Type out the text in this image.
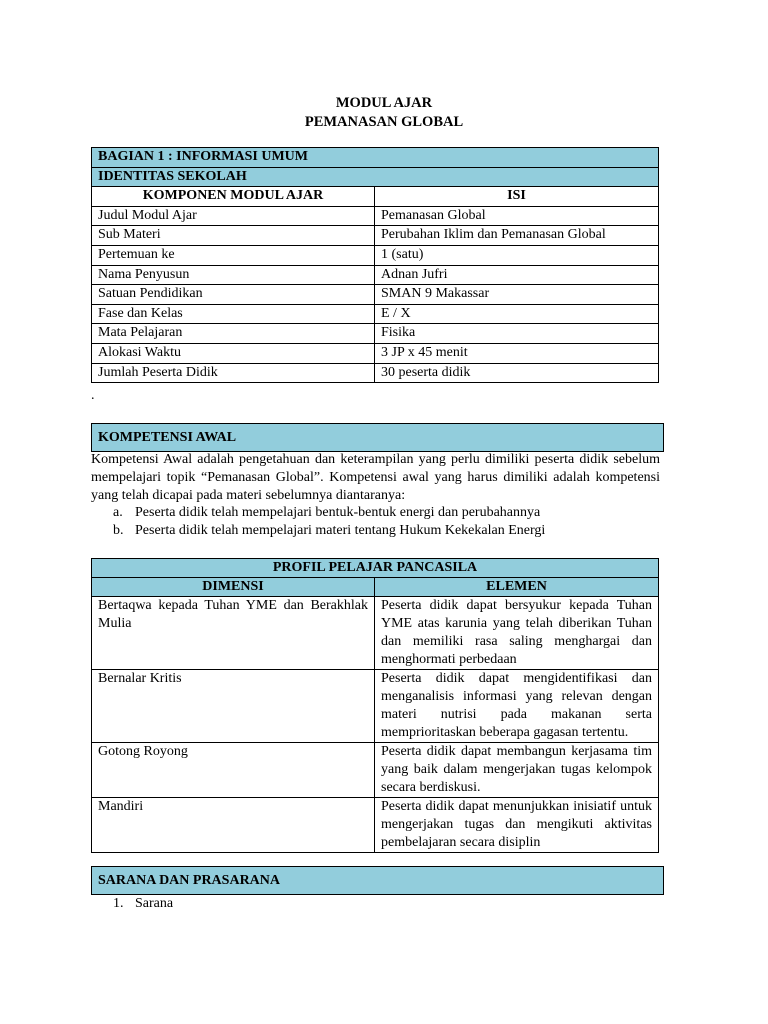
MODUL AJAR
PEMANASAN GLOBAL
BAGIAN 1 : INFORMASI UMUM	
IDENTITAS SEKOLAH	
KOMPONEN MODUL AJAR	ISI
Judul Modul Ajar	Pemanasan Global
Sub Materi	Perubahan Iklim dan Pemanasan Global
Pertemuan ke	1 (satu)
Nama Penyusun	Adnan Jufri
Satuan Pendidikan	SMAN 9 Makassar
Fase dan Kelas	E / X
Mata Pelajaran	Fisika
Alokasi Waktu	3 JP x 45 menit
Jumlah Peserta Didik	30 peserta didik
.
KOMPETENSI AWAL
Kompetensi Awal adalah pengetahuan dan keterampilan yang perlu dimiliki peserta didik sebelum mempelajari topik “Pemanasan Global”. Kompetensi awal yang harus dimiliki adalah kompetensi yang telah dicapai pada materi sebelumnya diantaranya:
a. Peserta didik telah mempelajari bentuk-bentuk energi dan perubahannya
b. Peserta didik telah mempelajari materi tentang Hukum Kekekalan Energi
PROFIL PELAJAR PANCASILA	
DIMENSI	ELEMEN
Bertaqwa kepada Tuhan YME dan Berakhlak Mulia	Peserta didik dapat bersyukur kepada Tuhan YME atas karunia yang telah diberikan Tuhan dan memiliki rasa saling menghargai dan menghormati perbedaan
Bernalar Kritis	Peserta didik dapat mengidentifikasi dan menganalisis informasi yang relevan dengan materi nutrisi pada makanan serta memprioritaskan beberapa gagasan tertentu.
Gotong Royong	Peserta didik dapat membangun kerjasama tim yang baik dalam mengerjakan tugas kelompok secara berdiskusi.
Mandiri	Peserta didik dapat menunjukkan inisiatif untuk mengerjakan tugas dan mengikuti aktivitas pembelajaran secara disiplin
SARANA DAN PRASARANA
1. Sarana
